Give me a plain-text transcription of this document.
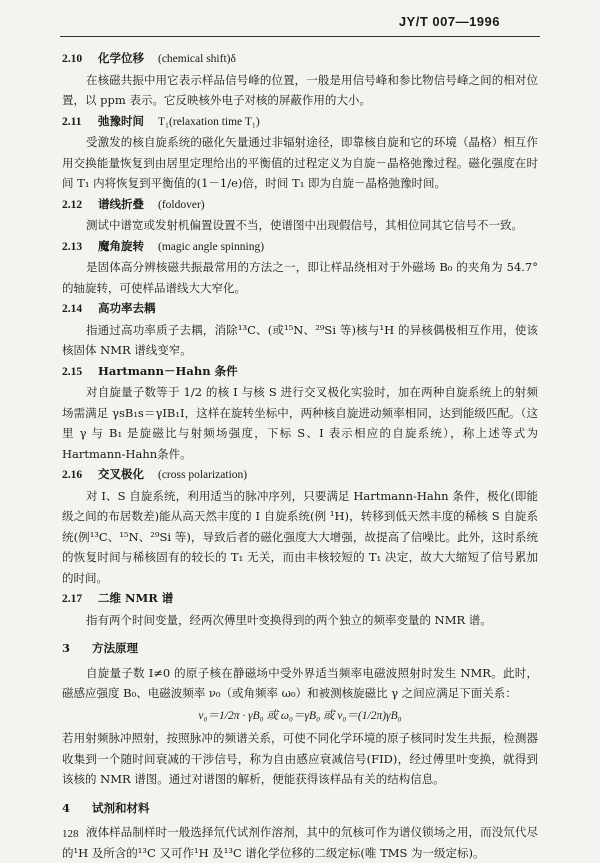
JY/T 007—1996
2.10 化学位移 (chemical shift)δ
在核磁共振中用它表示样品信号峰的位置，一般是用信号峰和参比物信号峰之间的相对位置，以 ppm 表示。它反映核外电子对核的屏蔽作用的大小。
2.11 弛豫时间 T₁(relaxation time T₁)
受激发的核自旋系统的磁化矢量通过非辐射途径，即靠核自旋和它的环境（晶格）相互作用交换能量恢复到由居里定理给出的平衡值的过程定义为自旋－晶格弛豫过程。磁化强度在时间 T₁ 内将恢复到平衡值的(1－1/e)倍，时间 T₁ 即为自旋－晶格弛豫时间。
2.12 谱线折叠 (foldover)
测试中谱宽或发射机偏置设置不当，使谱图中出现假信号，其相位同其它信号不一致。
2.13 魔角旋转 (magic angle spinning)
是固体高分辨核磁共振最常用的方法之一，即让样品绕相对于外磁场 B₀ 的夹角为 54.7°的轴旋转，可使样品谱线大大窄化。
2.14 高功率去耦
指通过高功率质子去耦，消除¹³C、(或¹⁵N、²⁹Si 等)核与¹H 的异核偶极相互作用，使该核固体 NMR 谱线变窄。
2.15 Hartmann－Hahn 条件
对自旋量子数等于 1/2 的核 I 与核 S 进行交叉极化实验时，加在两种自旋系统上的射频场需满足 γsB₁s＝γIB₁I，这样在旋转坐标中，两种核自旋进动频率相同，达到能级匹配。（这里 γ 与 B₁ 是旋磁比与射频场强度，下标 S、I 表示相应的自旋系统），称上述等式为 Hartmann-Hahn条件。
2.16 交叉极化 (cross polarization)
对 I、S 自旋系统，利用适当的脉冲序列，只要满足 Hartmann-Hahn 条件，极化(即能级之间的布居数差)能从高天然丰度的 I 自旋系统(例 ¹H)，转移到低天然丰度的稀核 S 自旋系统(例¹³C、¹⁵N、²⁹Si 等)，导致后者的磁化强度大大增强，故提高了信噪比。此外，这时系统的恢复时间与稀核固有的较长的 T₁ 无关，而由丰核较短的 T₁ 决定，故大大缩短了信号累加的时间。
2.17 二维 NMR 谱
指有两个时间变量，经两次傅里叶变换得到的两个独立的频率变量的 NMR 谱。
3 方法原理
自旋量子数 I≠0 的原子核在静磁场中受外界适当频率电磁波照射时发生 NMR。此时，磁感应强度 B₀、电磁波频率 ν₀（或角频率 ω₀）和被测核旋磁比 γ 之间应满足下面关系：
ν₀＝1/2π · γB₀ 或 ω₀＝γB₀ 或 ν₀＝(1/2π)γB₀
若用射频脉冲照射，按照脉冲的频谱关系，可使不同化学环境的原子核同时发生共振，检测器收集到一个随时间衰减的干涉信号，称为自由感应衰减信号(FID)，经过傅里叶变换，就得到该核的 NMR 谱图。通过对谱图的解析，便能获得该样品有关的结构信息。
4 试剂和材料
液体样品制样时一般选择氘代试剂作溶剂，其中的氘核可作为谱仪锁场之用，而没氘代尽的¹H 及所含的¹³C 又可作¹H 及¹³C 谱化学位移的二级定标(唯 TMS 为一级定标)。
128
